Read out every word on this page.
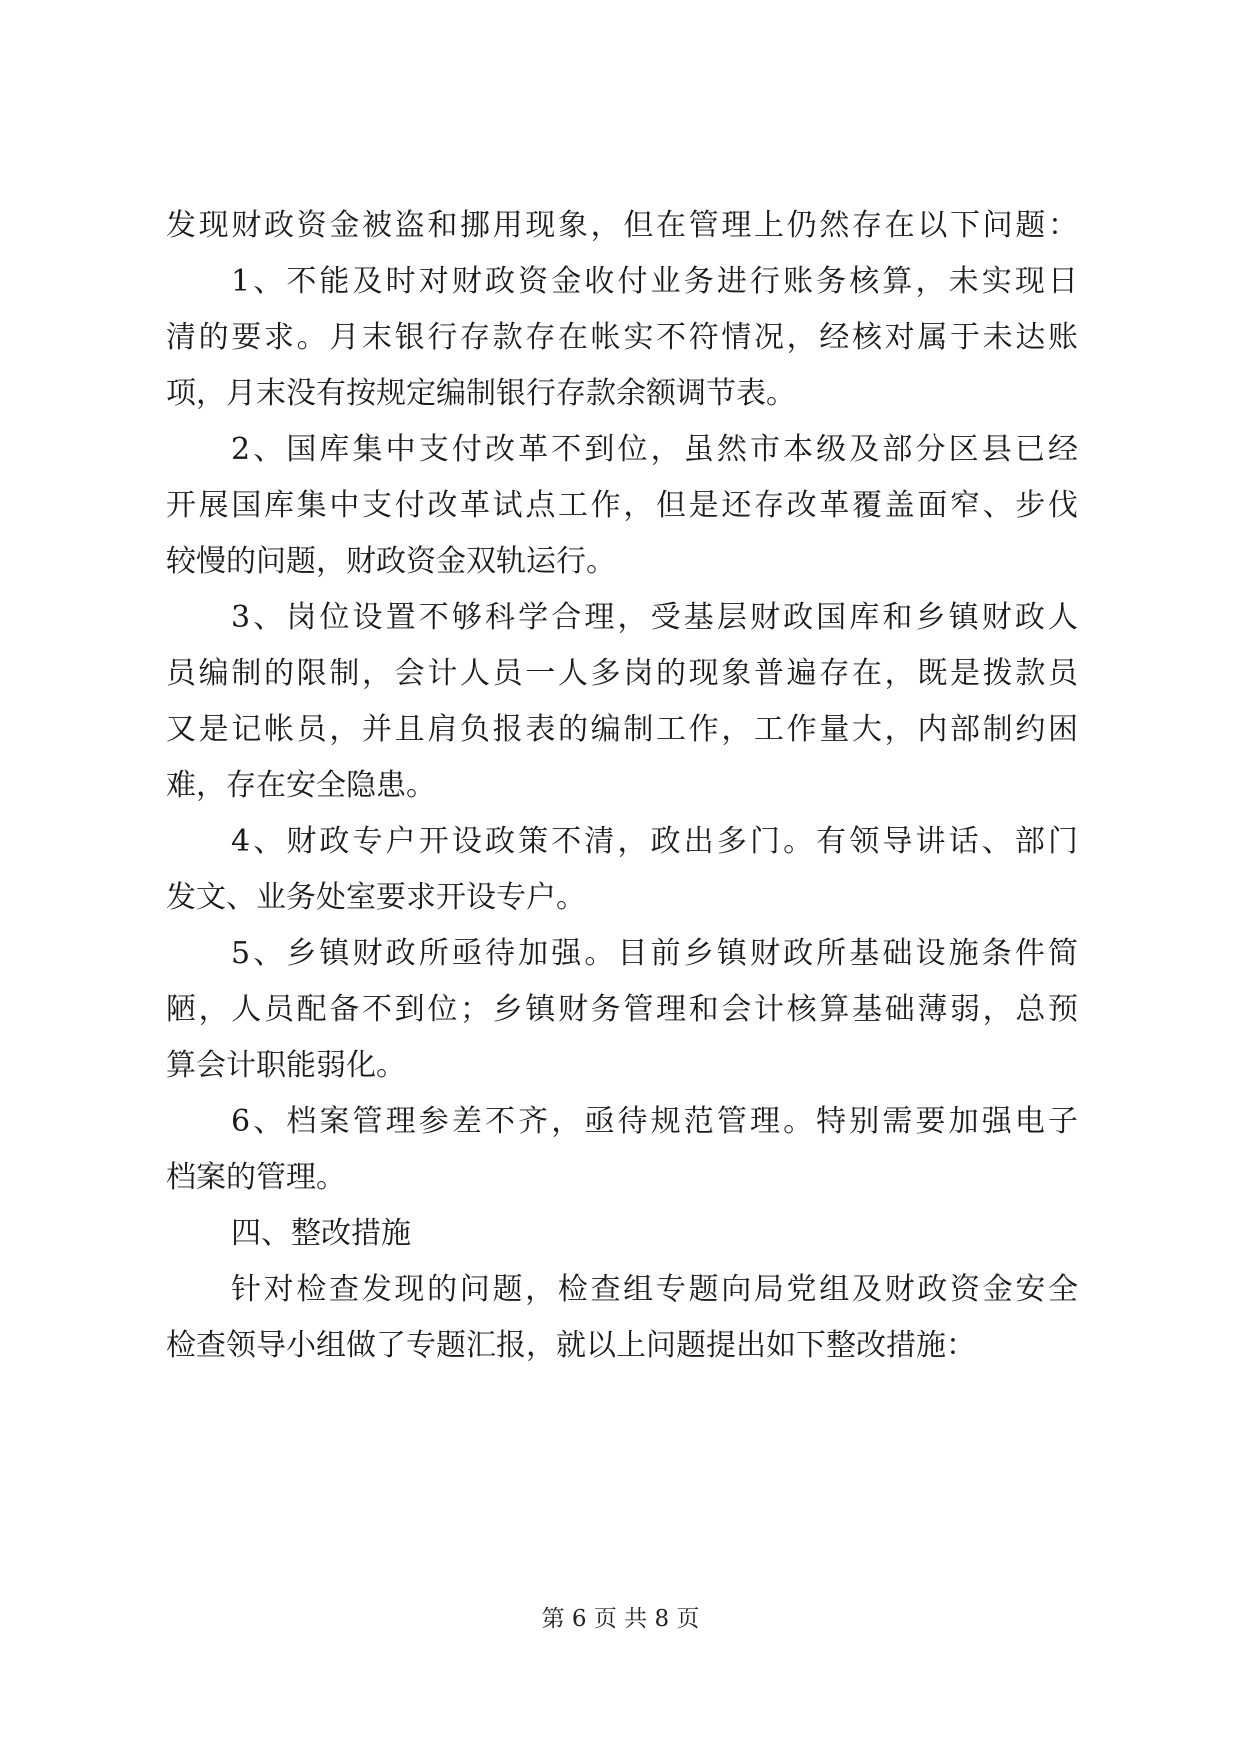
发现财政资金被盗和挪用现象，但在管理上仍然存在以下问题：
1、不能及时对财政资金收付业务进行账务核算，未实现日
清的要求。月末银行存款存在帐实不符情况，经核对属于未达账
项，月末没有按规定编制银行存款余额调节表。
2、国库集中支付改革不到位，虽然市本级及部分区县已经
开展国库集中支付改革试点工作，但是还存改革覆盖面窄、步伐
较慢的问题，财政资金双轨运行。
3、岗位设置不够科学合理，受基层财政国库和乡镇财政人
员编制的限制，会计人员一人多岗的现象普遍存在，既是拨款员
又是记帐员，并且肩负报表的编制工作，工作量大，内部制约困
难，存在安全隐患。
4、财政专户开设政策不清，政出多门。有领导讲话、部门
发文、业务处室要求开设专户。
5、乡镇财政所亟待加强。目前乡镇财政所基础设施条件简
陋，人员配备不到位；乡镇财务管理和会计核算基础薄弱，总预
算会计职能弱化。
6、档案管理参差不齐，亟待规范管理。特别需要加强电子
档案的管理。
四、整改措施
针对检查发现的问题，检查组专题向局党组及财政资金安全
检查领导小组做了专题汇报，就以上问题提出如下整改措施：
第 6 页 共 8 页
